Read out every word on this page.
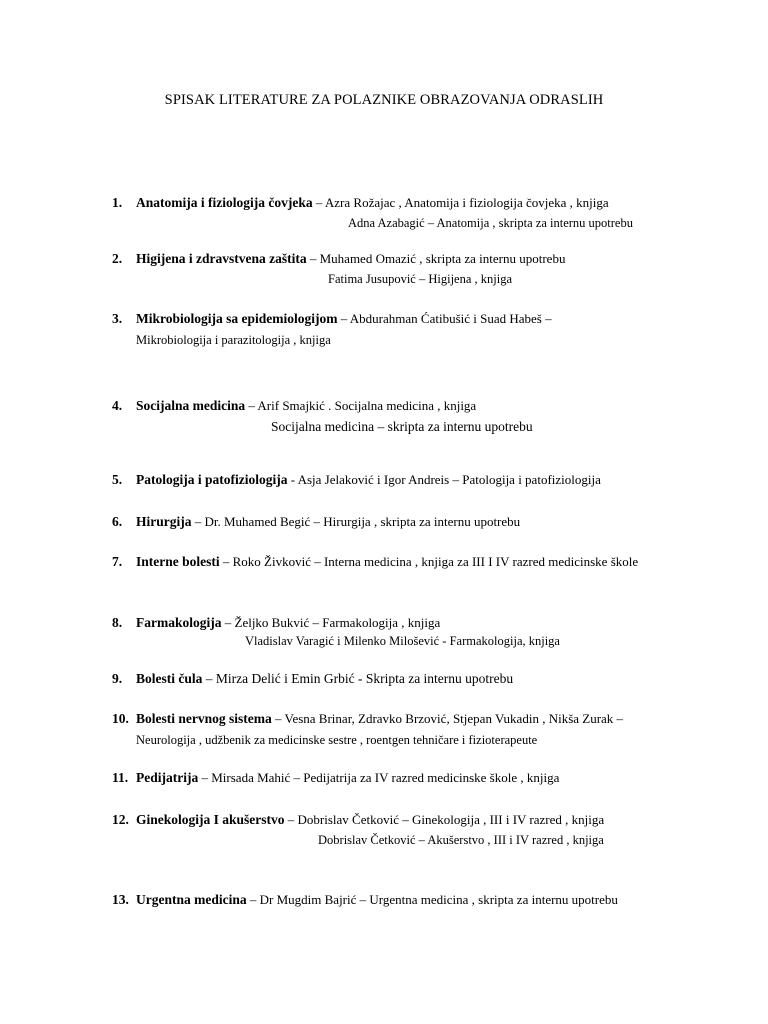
SPISAK LITERATURE ZA POLAZNIKE OBRAZOVANJA ODRASLIH
1. Anatomija i fiziologija čovjeka – Azra Rožajac , Anatomija i fiziologija čovjeka , knjiga
Adna Azabagić – Anatomija , skripta za internu upotrebu
2. Higijena i zdravstvena zaštita – Muhamed Omazić , skripta za internu upotrebu
Fatima Jusupović – Higijena , knjiga
3. Mikrobiologija sa epidemiologijom – Abdurahman Ćatibušić i Suad Habeš –
Mikrobiologija i parazitologija , knjiga
4. Socijalna medicina – Arif Smajkić . Socijalna medicina , knjiga
Socijalna medicina – skripta za internu upotrebu
5. Patologija i patofiziologija - Asja Jelaković i Igor Andreis – Patologija i patofiziologija
6. Hirurgija – Dr. Muhamed Begić – Hirurgija , skripta za internu upotrebu
7. Interne bolesti – Roko Živković – Interna medicina , knjiga za III I IV razred medicinske škole
8. Farmakologija – Željko Bukvić – Farmakologija , knjiga
Vladislav Varagić i Milenko Milošević - Farmakologija, knjiga
9. Bolesti čula – Mirza Delić i Emin Grbić - Skripta za internu upotrebu
10. Bolesti nervnog sistema – Vesna Brinar, Zdravko Brzović, Stjepan Vukadin , Nikša Zurak –
Neurologija , udžbenik za medicinske sestre , roentgen tehničare i fizioterapeute
11. Pedijatrija – Mirsada Mahić – Pedijatrija za IV razred medicinske škole , knjiga
12. Ginekologija I akušerstvo – Dobrislav Četković – Ginekologija , III i IV razred , knjiga
Dobrislav Četković – Akušerstvo , III i IV razred , knjiga
13. Urgentna medicina – Dr Mugdim Bajrić – Urgentna medicina , skripta za internu upotrebu
